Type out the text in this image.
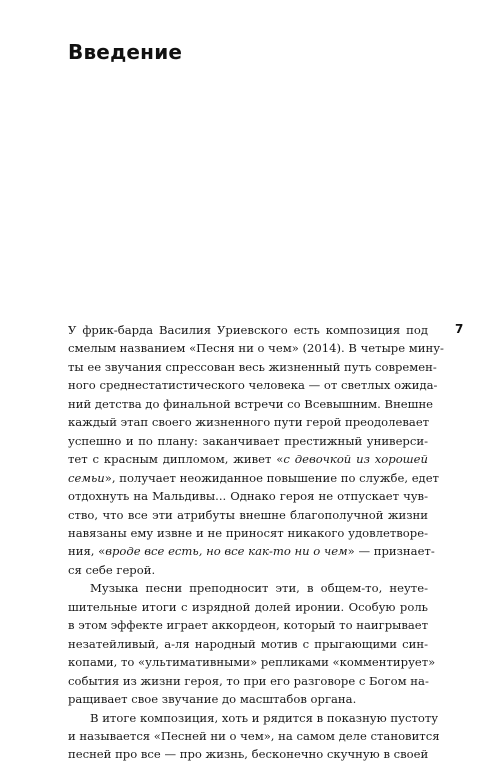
Введение
7

У фрик-барда Василия Уриевского есть композиция под
смелым названием «Песня ни о чем» (2014). В четыре мину-
ты ее звучания спрессован весь жизненный путь современ-
ного среднестатистического человека — от светлых ожида-
ний детства до финальной встречи со Всевышним. Внешне
каждый этап своего жизненного пути герой преодолевает
успешно и по плану: заканчивает престижный универси-
тет с красным дипломом, живет «с девочкой из хорошей
семьи», получает неожиданное повышение по службе, едет
отдохнуть на Мальдивы... Однако героя не отпускает чув-
ство, что все эти атрибуты внешне благополучной жизни
навязаны ему извне и не приносят никакого удовлетворе-
ния, «вроде все есть, но все как-то ни о чем» — признает-
ся себе герой.

Музыка песни преподносит эти, в общем-то, неуте-
шительные итоги с изрядной долей иронии. Особую роль
в этом эффекте играет аккордеон, который то наигрывает
незатейливый, а-ля народный мотив с прыгающими син-
копами, то «ультимативными» репликами «комментирует»
события из жизни героя, то при его разговоре с Богом на-
ращивает свое звучание до масштабов органа.

В итоге композиция, хоть и рядится в показную пустоту
и называется «Песней ни о чем», на самом деле становится
песней про все — про жизнь, бесконечно скучную в своей
